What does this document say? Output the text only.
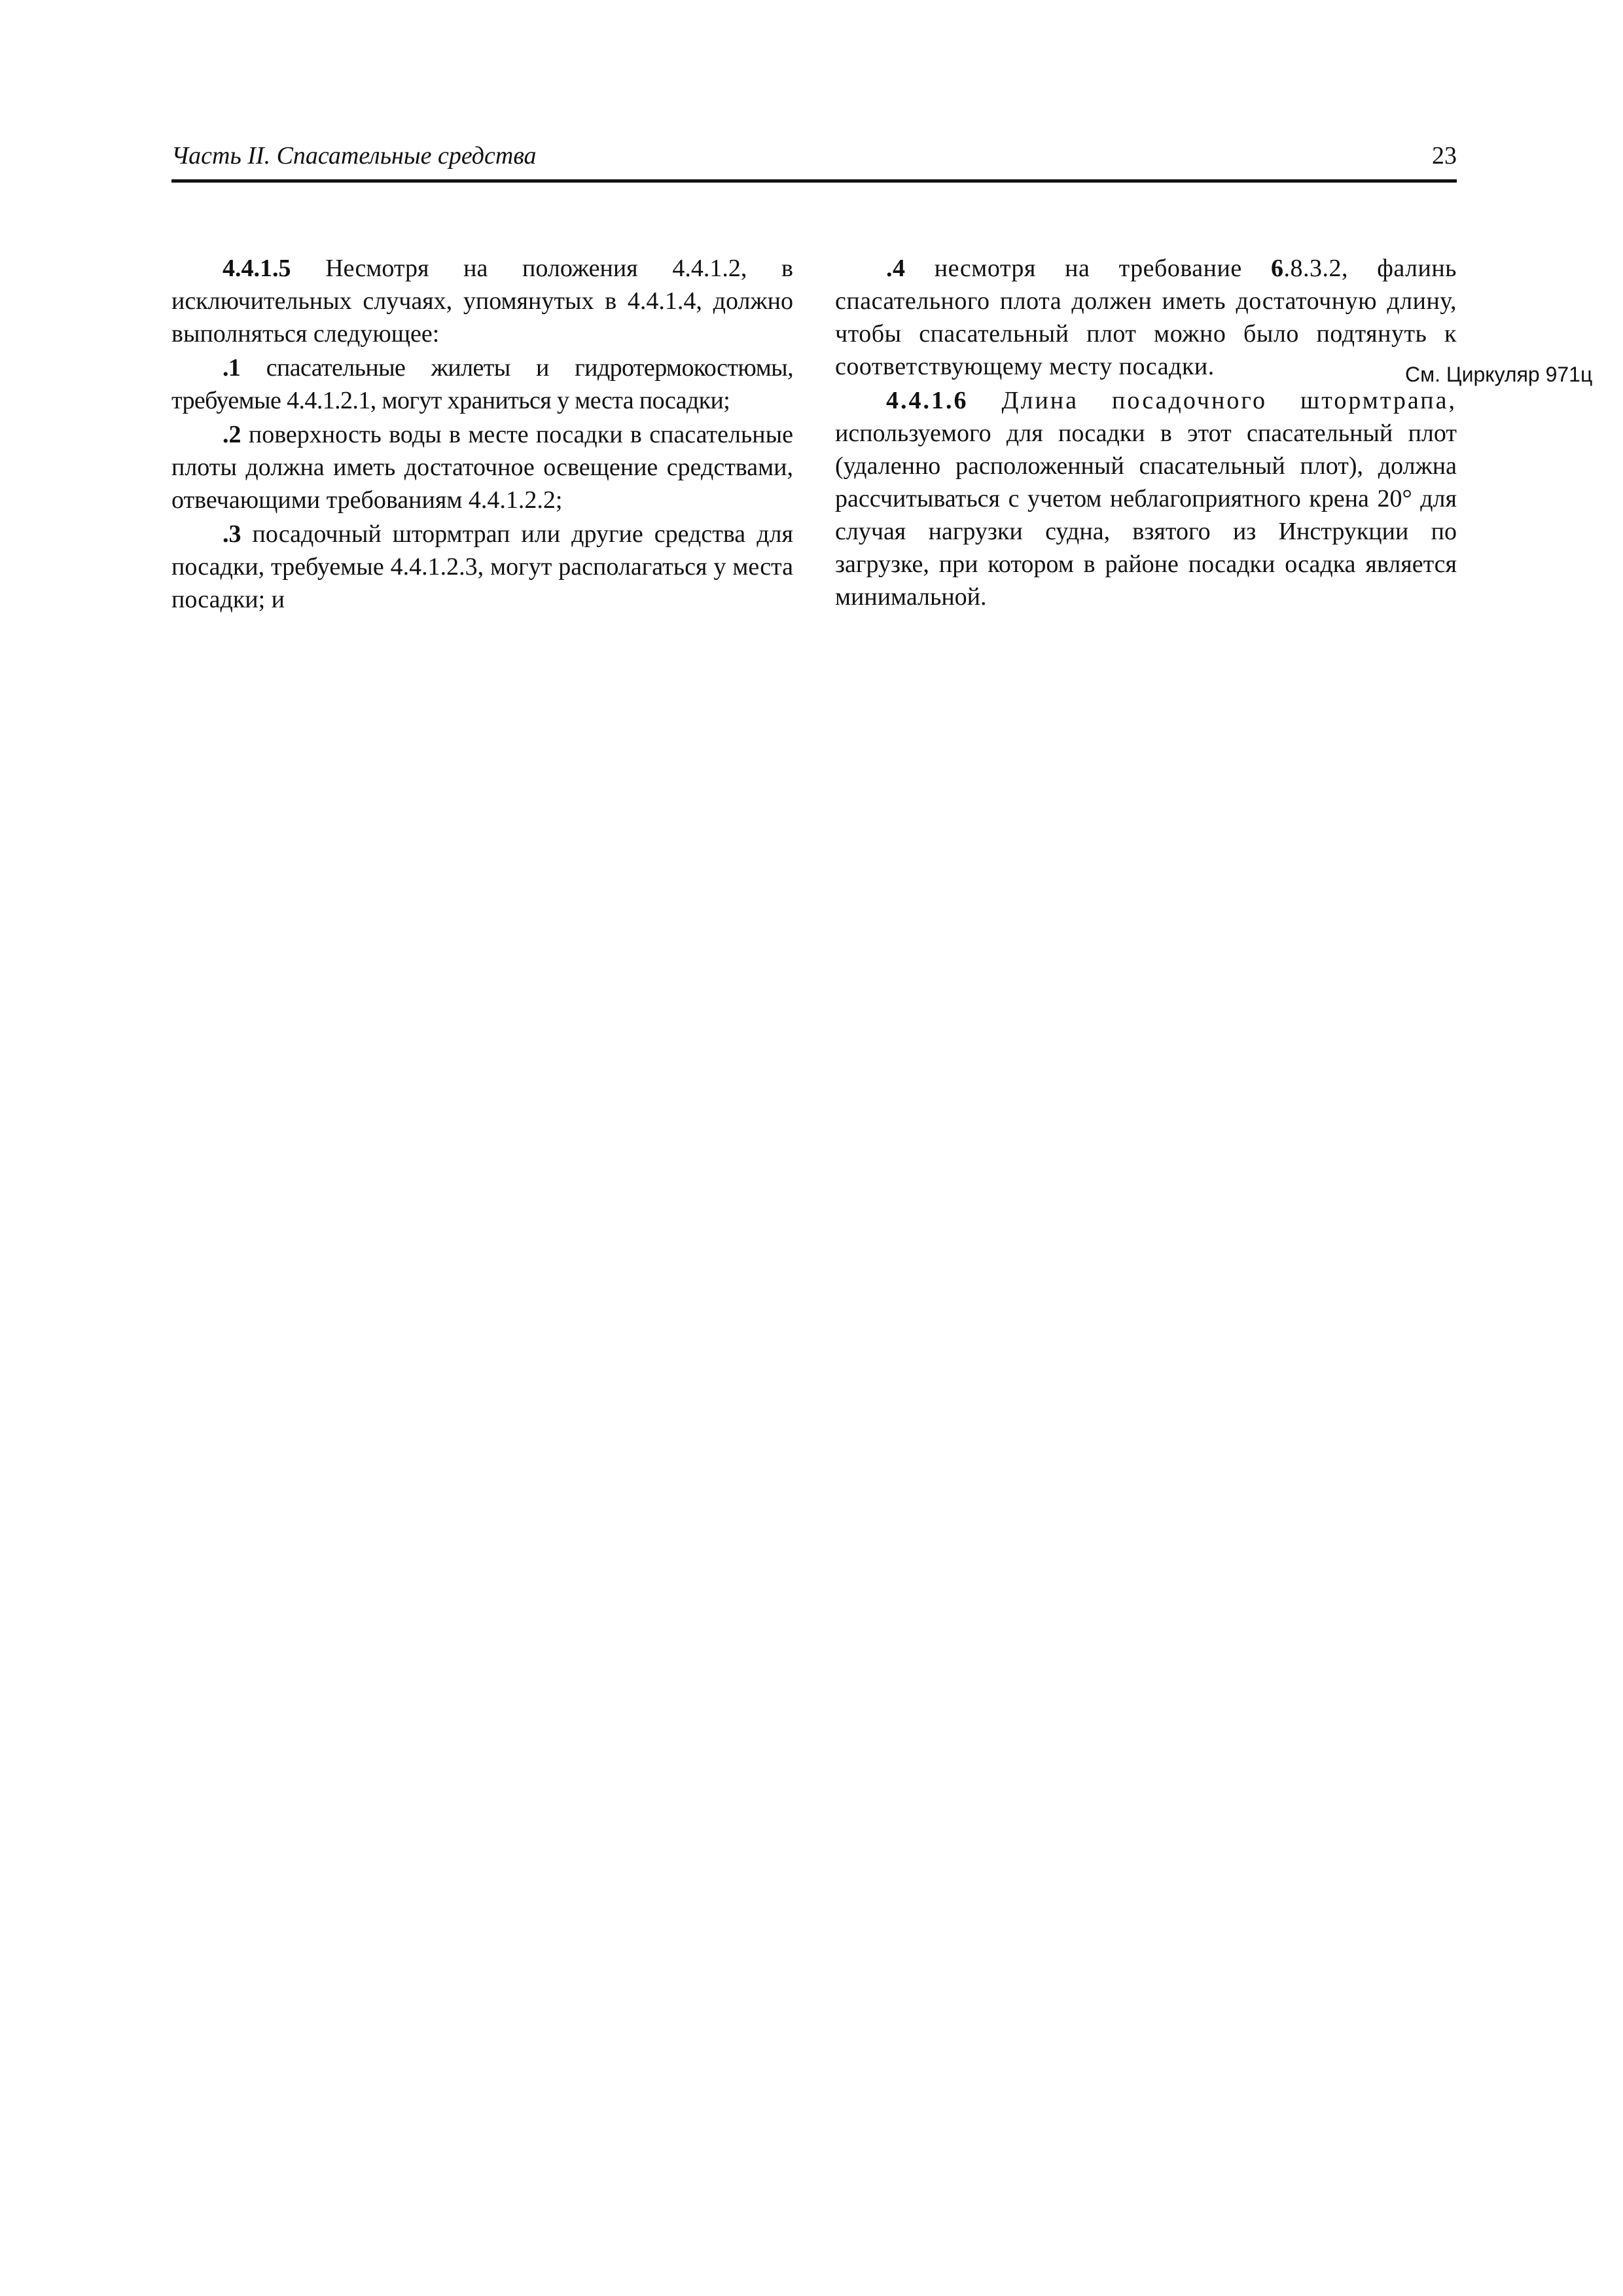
Часть II. Спасательные средства	23

4.4.1.5 Несмотря на положения 4.4.1.2, в исключительных случаях, упомянутых в 4.4.1.4, должно выполняться следующее:

.1 спасательные жилеты и гидротермокостюмы, требуемые 4.4.1.2.1, могут храниться у места посадки;

.2 поверхность воды в месте посадки в спасательные плоты должна иметь достаточное освещение средствами, отвечающими требованиям 4.4.1.2.2;

.3 посадочный штормтрап или другие средства для посадки, требуемые 4.4.1.2.3, могут располагаться у места посадки; и

.4 несмотря на требование 6.8.3.2, фалинь спасательного плота должен иметь достаточную длину, чтобы спасательный плот можно было подтянуть к соответствующему месту посадки.

4.4.1.6 Длина посадочного штормтрапа, используемого для посадки в этот спасательный плот (удаленно расположенный спасательный плот), должна рассчитываться с учетом неблагоприятного крена 20° для случая нагрузки судна, взятого из Инструкции по загрузке, при котором в районе посадки осадка является минимальной.

См. Циркуляр 971ц
